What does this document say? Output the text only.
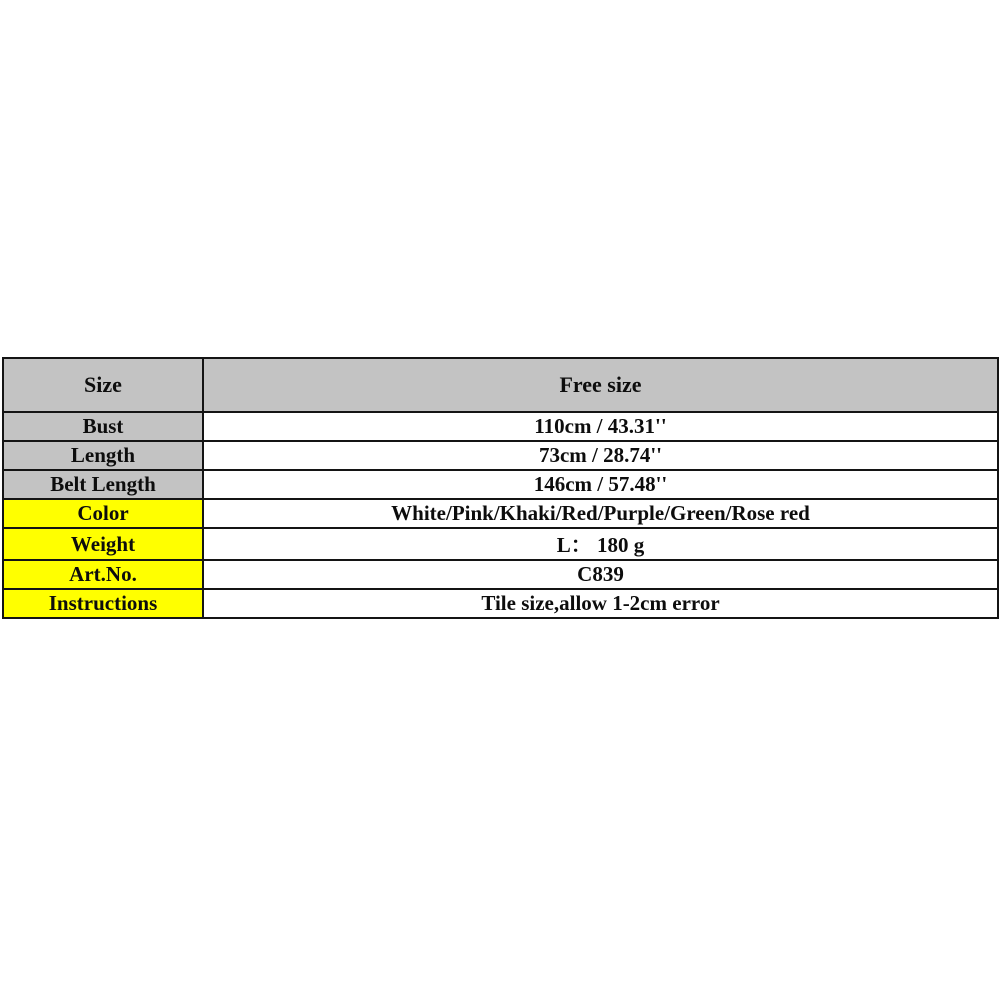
Size	Free size
Bust	110cm / 43.31''
Length	73cm / 28.74''
Belt Length	146cm / 57.48''
Color	White/Pink/Khaki/Red/Purple/Green/Rose red
Weight	L： 180 g
Art.No.	C839
Instructions	Tile size,allow 1-2cm error
